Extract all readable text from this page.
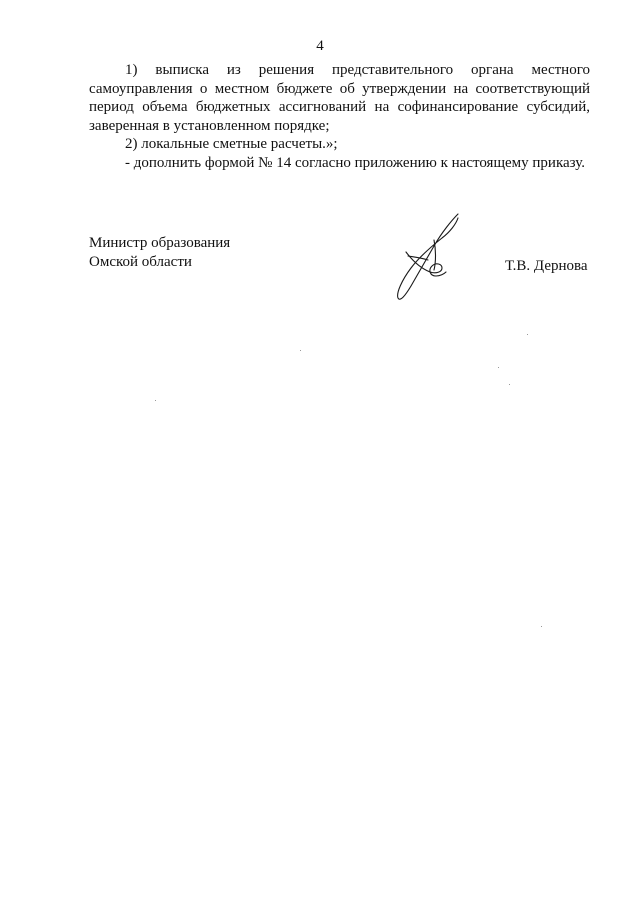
4

1) выписка из решения представительного органа местного самоуправления о местном бюджете об утверждении на соответствующий период объема бюджетных ассигнований на софинансирование субсидий, заверенная в установленном порядке;

2) локальные сметные расчеты.»;

- дополнить формой № 14 согласно приложению к настоящему приказу.

Министр образования
Омской области	Т.В. Дернова
